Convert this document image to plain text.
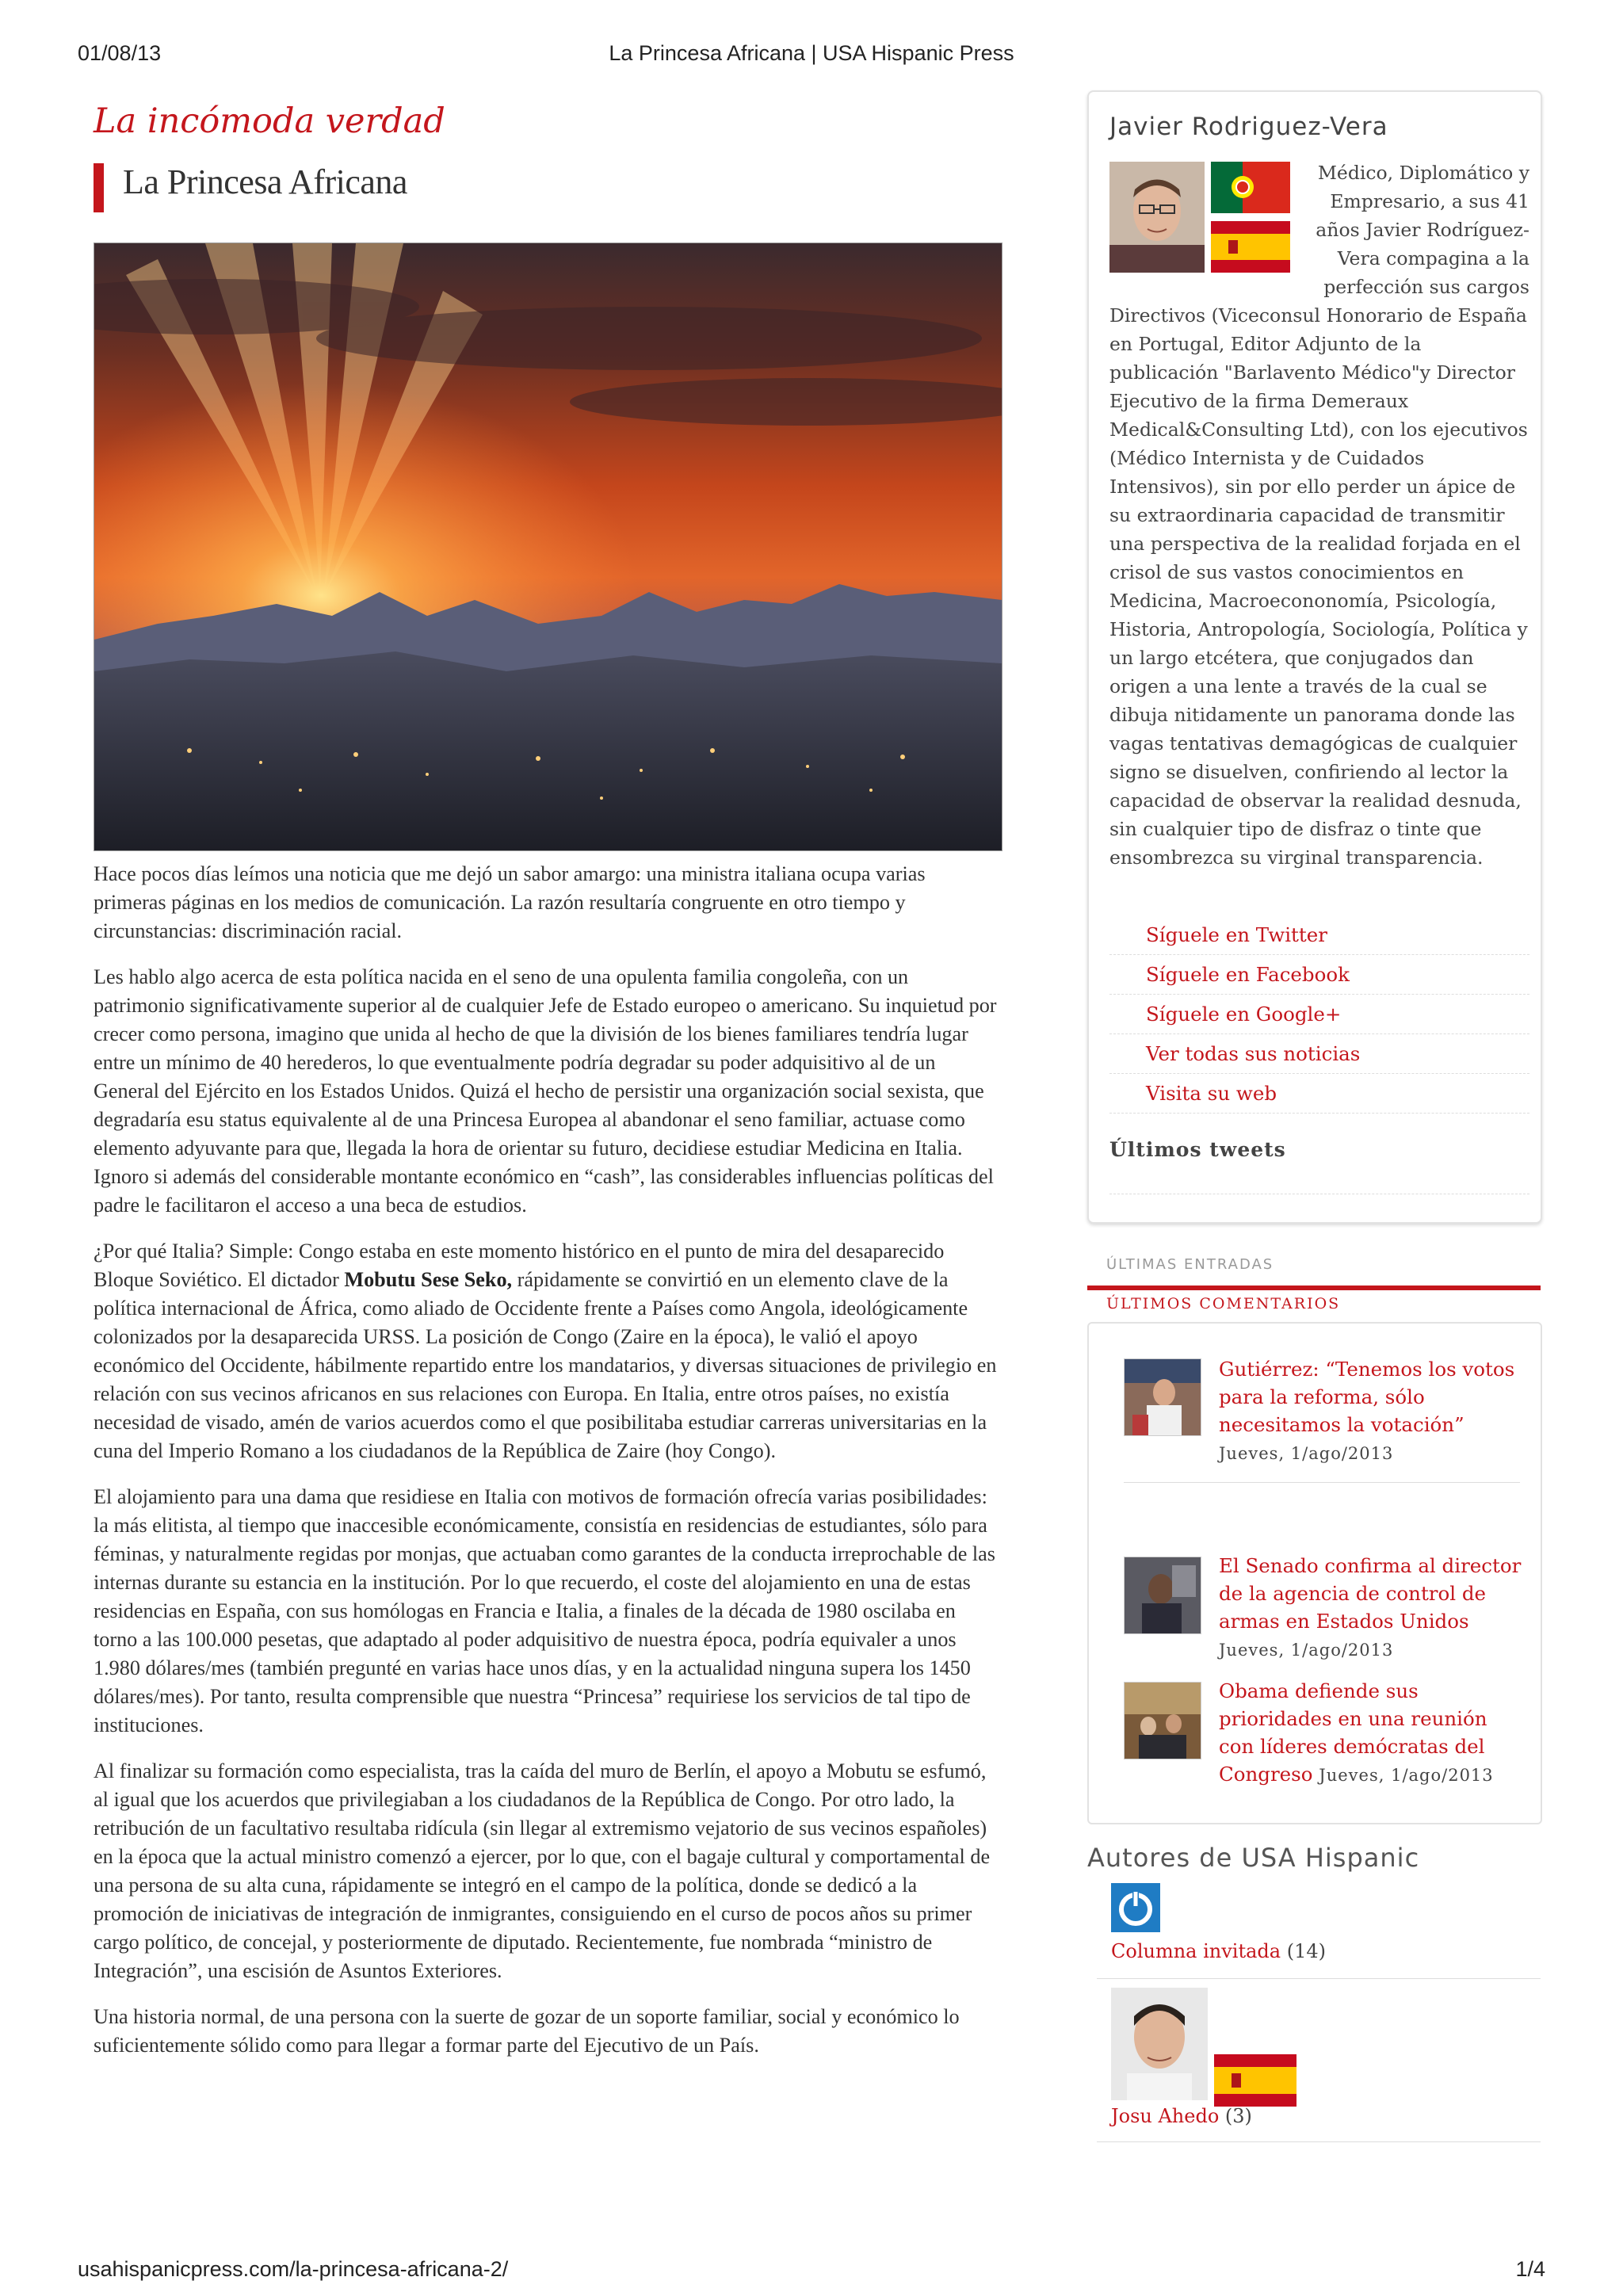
La Princesa Africana | USA Hispanic Press
01/08/13
La incómoda verdad
La Princesa Africana

Hace pocos días leímos una noticia que me dejó un sabor amargo: una ministra italiana ocupa varias primeras páginas en los medios de comunicación. La razón resultaría congruente en otro tiempo y circunstancias: discriminación racial.

Les hablo algo acerca de esta política nacida en el seno de una opulenta familia congoleña, con un patrimonio significativamente superior al de cualquier Jefe de Estado europeo o americano. Su inquietud por crecer como persona, imagino que unida al hecho de que la división de los bienes familiares tendría lugar entre un mínimo de 40 herederos, lo que eventualmente podría degradar su poder adquisitivo al de un General del Ejército en los Estados Unidos. Quizá el hecho de persistir una organización social sexista, que degradaría esu status equivalente al de una Princesa Europea al abandonar el seno familiar, actuase como elemento adyuvante para que, llegada la hora de orientar su futuro, decidiese estudiar Medicina en Italia. Ignoro si además del considerable montante económico en “cash”, las considerables influencias políticas del padre le facilitaron el acceso a una beca de estudios.

¿Por qué Italia? Simple: Congo estaba en este momento histórico en el punto de mira del desaparecido Bloque Soviético. El dictador Mobutu Sese Seko, rápidamente se convirtió en un elemento clave de la política internacional de África, como aliado de Occidente frente a Países como Angola, ideológicamente colonizados por la desaparecida URSS. La posición de Congo (Zaire en la época), le valió el apoyo económico del Occidente, hábilmente repartido entre los mandatarios, y diversas situaciones de privilegio en relación con sus vecinos africanos en sus relaciones con Europa. En Italia, entre otros países, no existía necesidad de visado, amén de varios acuerdos como el que posibilitaba estudiar carreras universitarias en la cuna del Imperio Romano a los ciudadanos de la República de Zaire (hoy Congo).

El alojamiento para una dama que residiese en Italia con motivos de formación ofrecía varias posibilidades: la más elitista, al tiempo que inaccesible económicamente, consistía en residencias de estudiantes, sólo para féminas, y naturalmente regidas por monjas, que actuaban como garantes de la conducta irreprochable de las internas durante su estancia en la institución. Por lo que recuerdo, el coste del alojamiento en una de estas residencias en España, con sus homólogas en Francia e Italia, a finales de la década de 1980 oscilaba en torno a las 100.000 pesetas, que adaptado al poder adquisitivo de nuestra época, podría equivaler a unos 1.980 dólares/mes (también pregunté en varias hace unos días, y en la actualidad ninguna supera los 1450 dólares/mes). Por tanto, resulta comprensible que nuestra “Princesa” requiriese los servicios de tal tipo de instituciones.

Al finalizar su formación como especialista, tras la caída del muro de Berlín, el apoyo a Mobutu se esfumó, al igual que los acuerdos que privilegiaban a los ciudadanos de la República de Congo. Por otro lado, la retribución de un facultativo resultaba ridícula (sin llegar al extremismo vejatorio de sus vecinos españoles) en la época que la actual ministro comenzó a ejercer, por lo que, con el bagaje cultural y comportamental de una persona de su alta cuna, rápidamente se integró en el campo de la política, donde se dedicó a la promoción de iniciativas de integración de inmigrantes, consiguiendo en el curso de pocos años su primer cargo político, de concejal, y posteriormente de diputado. Recientemente, fue nombrada “ministro de Integración”, una escisión de Asuntos Exteriores.

Una historia normal, de una persona con la suerte de gozar de un soporte familiar, social y económico lo suficientemente sólido como para llegar a formar parte del Ejecutivo de un País.

Javier Rodriguez-Vera
Médico, Diplomático y Empresario, a sus 41 años Javier Rodríguez-Vera compagina a la perfección sus cargos
Directivos (Viceconsul Honorario de España en Portugal, Editor Adjunto de la publicación "Barlavento Médico"y Director Ejecutivo de la firma Demeraux Medical&Consulting Ltd), con los ejecutivos (Médico Internista y de Cuidados Intensivos), sin por ello perder un ápice de su extraordinaria capacidad de transmitir una perspectiva de la realidad forjada en el crisol de sus vastos conocimientos en Medicina, Macroecononomía, Psicología, Historia, Antropología, Sociología, Política y un largo etcétera, que conjugados dan origen a una lente a través de la cual se dibuja nitidamente un panorama donde las vagas tentativas demagógicas de cualquier signo se disuelven, confiriendo al lector la capacidad de observar la realidad desnuda, sin cualquier tipo de disfraz o tinte que ensombrezca su virginal transparencia.
Síguele en Twitter
Síguele en Facebook
Síguele en Google+
Ver todas sus noticias
Visita su web
Últimos tweets
ÚLTIMAS ENTRADAS
ÚLTIMOS COMENTARIOS
Gutiérrez: “Tenemos los votos para la reforma, sólo necesitamos la votación”
Jueves, 1/ago/2013
El Senado confirma al director de la agencia de control de armas en Estados Unidos
Jueves, 1/ago/2013
Obama defiende sus prioridades en una reunión con líderes demócratas del Congreso Jueves, 1/ago/2013
Autores de USA Hispanic
Columna invitada (14)
Josu Ahedo (3)
usahispanicpress.com/la-princesa-africana-2/	1/4
